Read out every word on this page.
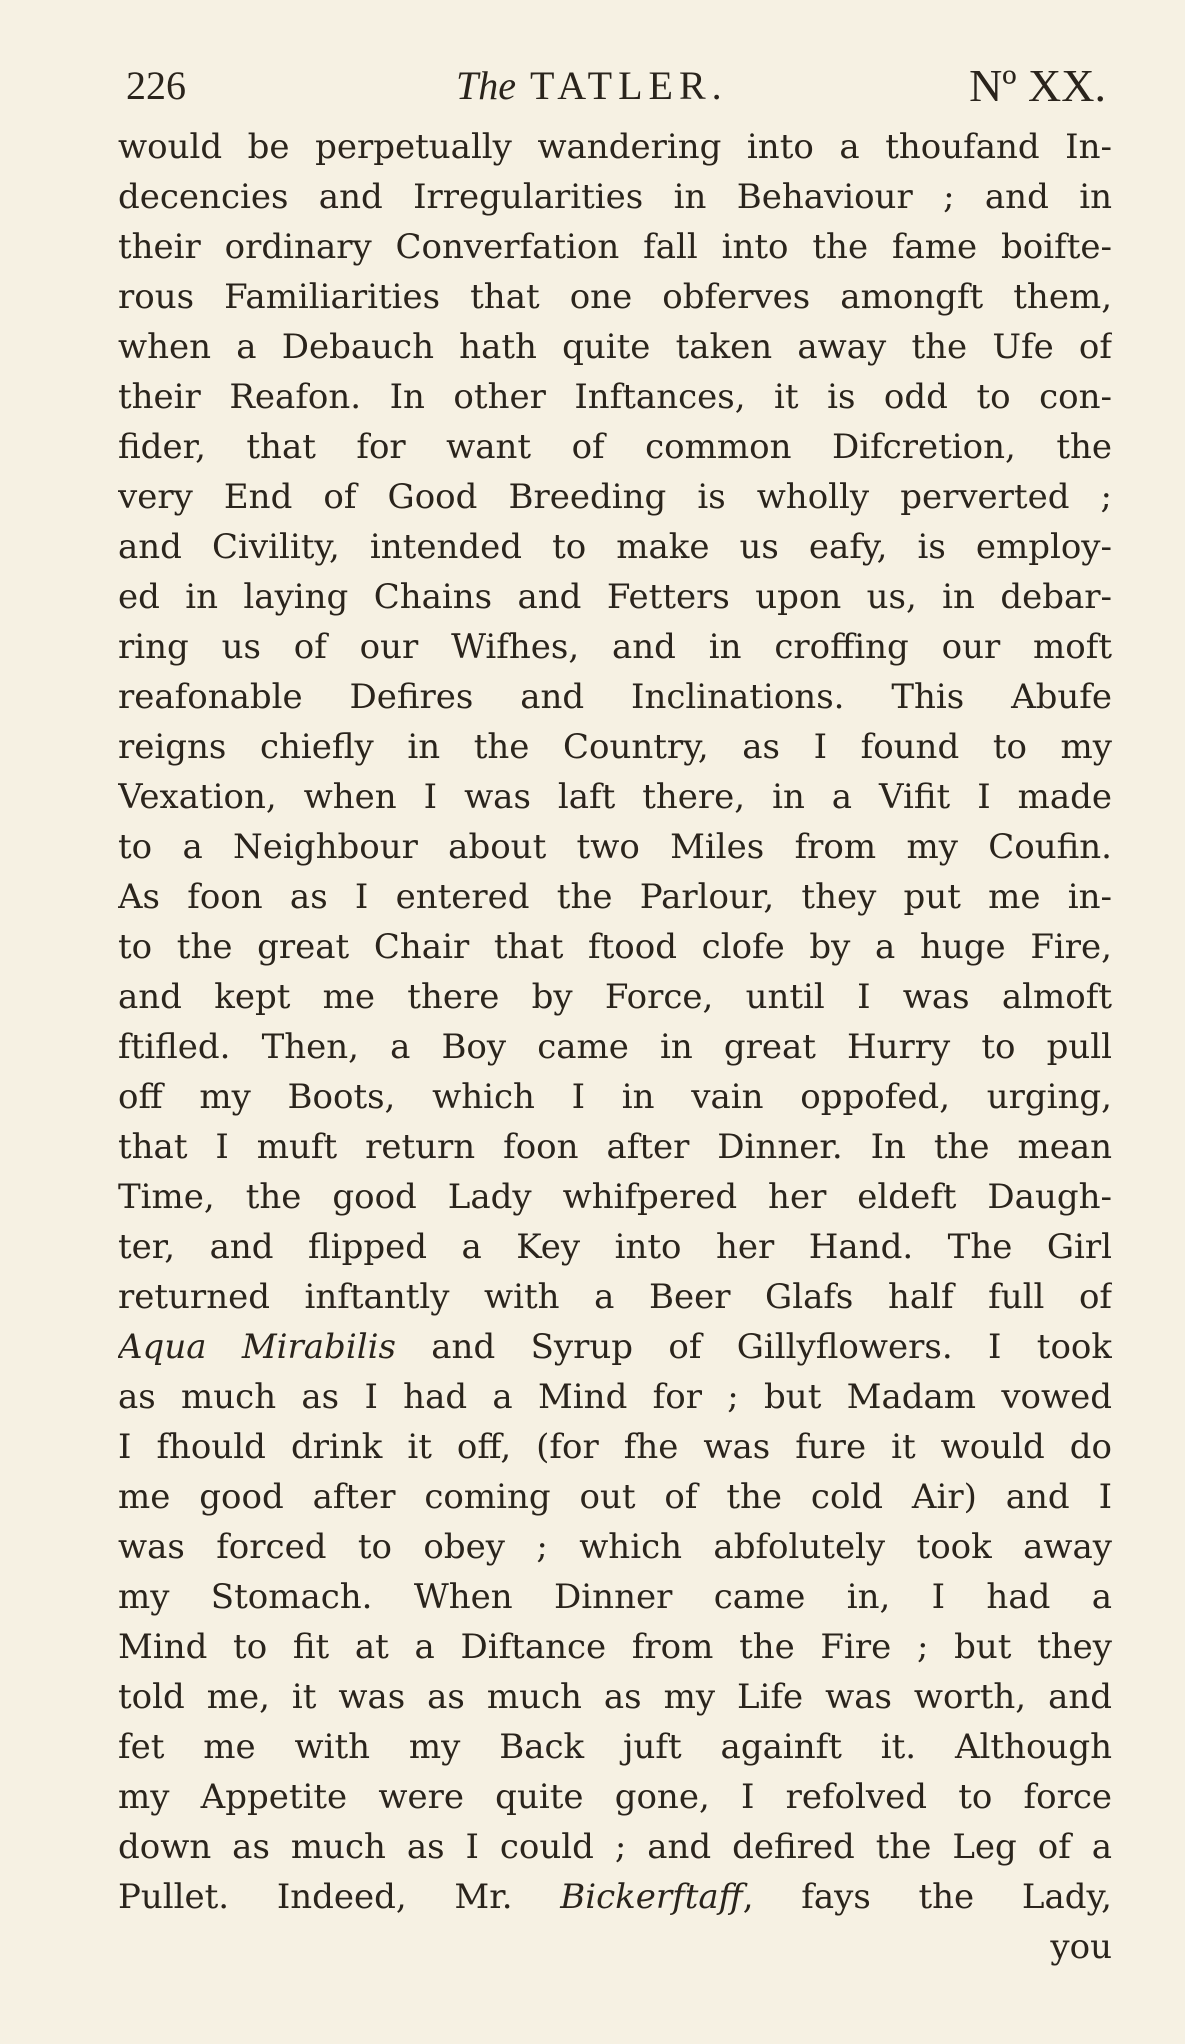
226	The TATLER.	Nº XX.
would be perpetually wandering into a thoufand In-
decencies and Irregularities in Behaviour ; and in
their ordinary Converfation fall into the fame boifte-
rous Familiarities that one obferves amongft them,
when a Debauch hath quite taken away the Ufe of
their Reafon. In other Inftances, it is odd to con-
fider, that for want of common Difcretion, the
very End of Good Breeding is wholly perverted ;
and Civility, intended to make us eafy, is employ-
ed in laying Chains and Fetters upon us, in debar-
ring us of our Wifhes, and in croffing our moft
reafonable Defires and Inclinations. This Abufe
reigns chiefly in the Country, as I found to my
Vexation, when I was laft there, in a Vifit I made
to a Neighbour about two Miles from my Coufin.
As foon as I entered the Parlour, they put me in-
to the great Chair that ftood clofe by a huge Fire,
and kept me there by Force, until I was almoft
ftifled. Then, a Boy came in great Hurry to pull
off my Boots, which I in vain oppofed, urging,
that I muft return foon after Dinner. In the mean
Time, the good Lady whifpered her eldeft Daugh-
ter, and flipped a Key into her Hand. The Girl
returned inftantly with a Beer Glafs half full of
Aqua Mirabilis and Syrup of Gillyflowers. I took
as much as I had a Mind for ; but Madam vowed
I fhould drink it off, (for fhe was fure it would do
me good after coming out of the cold Air) and I
was forced to obey ; which abfolutely took away
my Stomach. When Dinner came in, I had a
Mind to fit at a Diftance from the Fire ; but they
told me, it was as much as my Life was worth, and
fet me with my Back juft againft it. Although
my Appetite were quite gone, I refolved to force
down as much as I could ; and defired the Leg of a
Pullet. Indeed, Mr. Bickerftaff, fays the Lady,
you
